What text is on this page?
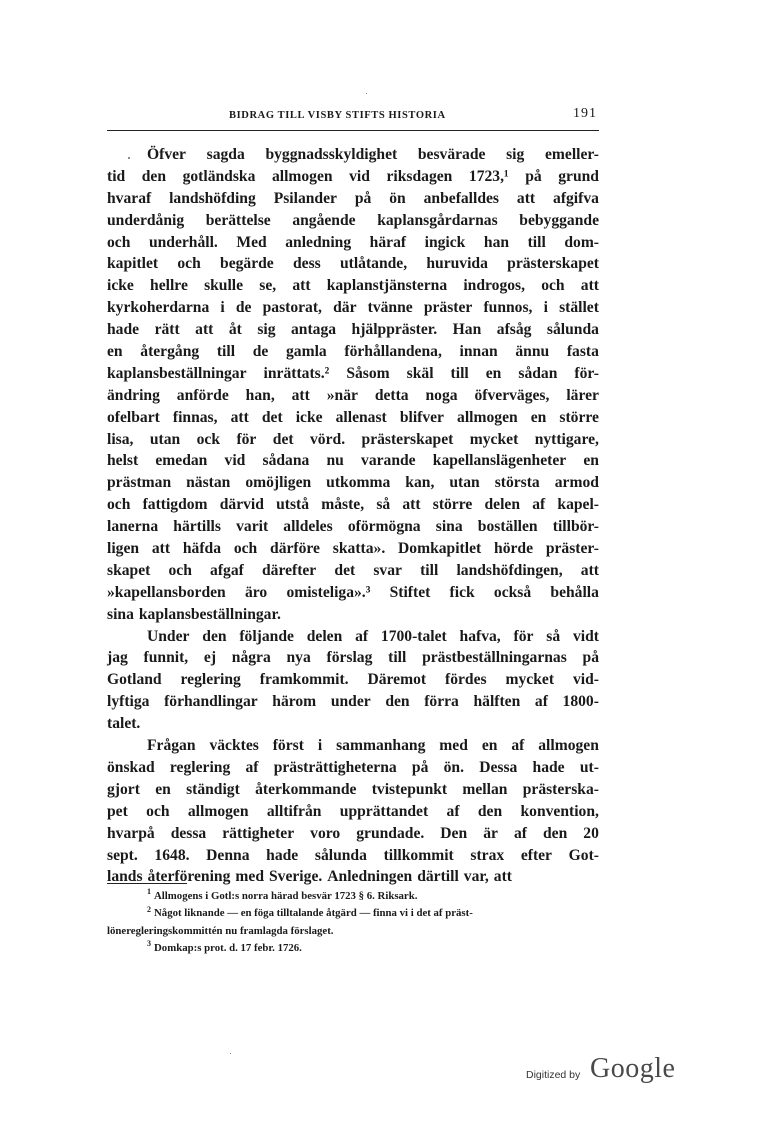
BIDRAG TILL VISBY STIFTS HISTORIA	191
Öfver sagda byggnadsskyldighet besvärade sig emeller-
tid den gotländska allmogen vid riksdagen 1723,¹ på grund
hvaraf landshöfding Psilander på ön anbefalldes att afgifva
underdånig berättelse angående kaplansgårdarnas bebyggande
och underhåll. Med anledning häraf ingick han till dom-
kapitlet och begärde dess utlåtande, huruvida prästerskapet
icke hellre skulle se, att kaplanstjänsterna indrogos, och att
kyrkoherdarna i de pastorat, där tvänne präster funnos, i stället
hade rätt att åt sig antaga hjälppräster. Han afsåg sålunda
en återgång till de gamla förhållandena, innan ännu fasta
kaplansbeställningar inrättats.² Såsom skäl till en sådan för-
ändring anförde han, att »när detta noga öfverväges, lärer
ofelbart finnas, att det icke allenast blifver allmogen en större
lisa, utan ock för det vörd. prästerskapet mycket nyttigare,
helst emedan vid sådana nu varande kapellanslägenheter en
prästman nästan omöjligen utkomma kan, utan största armod
och fattigdom därvid utstå måste, så att större delen af kapel-
lanerna härtills varit alldeles oförmögna sina boställen tillbör-
ligen att häfda och därföre skatta». Domkapitlet hörde präster-
skapet och afgaf därefter det svar till landshöfdingen, att
»kapellansborden äro omisteliga».³ Stiftet fick också behålla
sina kaplansbeställningar.
Under den följande delen af 1700-talet hafva, för så vidt
jag funnit, ej några nya förslag till prästbeställningarnas på
Gotland reglering framkommit. Däremot fördes mycket vid-
lyftiga förhandlingar härom under den förra hälften af 1800-
talet.
Frågan väcktes först i sammanhang med en af allmogen
önskad reglering af prästrättigheterna på ön. Dessa hade ut-
gjort en ständigt återkommande tvistepunkt mellan prästerska-
pet och allmogen alltifrån upprättandet af den konvention,
hvarpå dessa rättigheter voro grundade. Den är af den 20
sept. 1648. Denna hade sålunda tillkommit strax efter Got-
lands återförening med Sverige. Anledningen därtill var, att
$^1$ Allmogens i Gotl:s norra härad besvär 1723 § 6. Riksark.
$^2$ Något liknande — en föga tilltalande åtgärd — finna vi i det af präst-
löneregleringskommittén nu framlagda förslaget.
$^3$ Domkap:s prot. d. 17 febr. 1726.
Digitized by Google
